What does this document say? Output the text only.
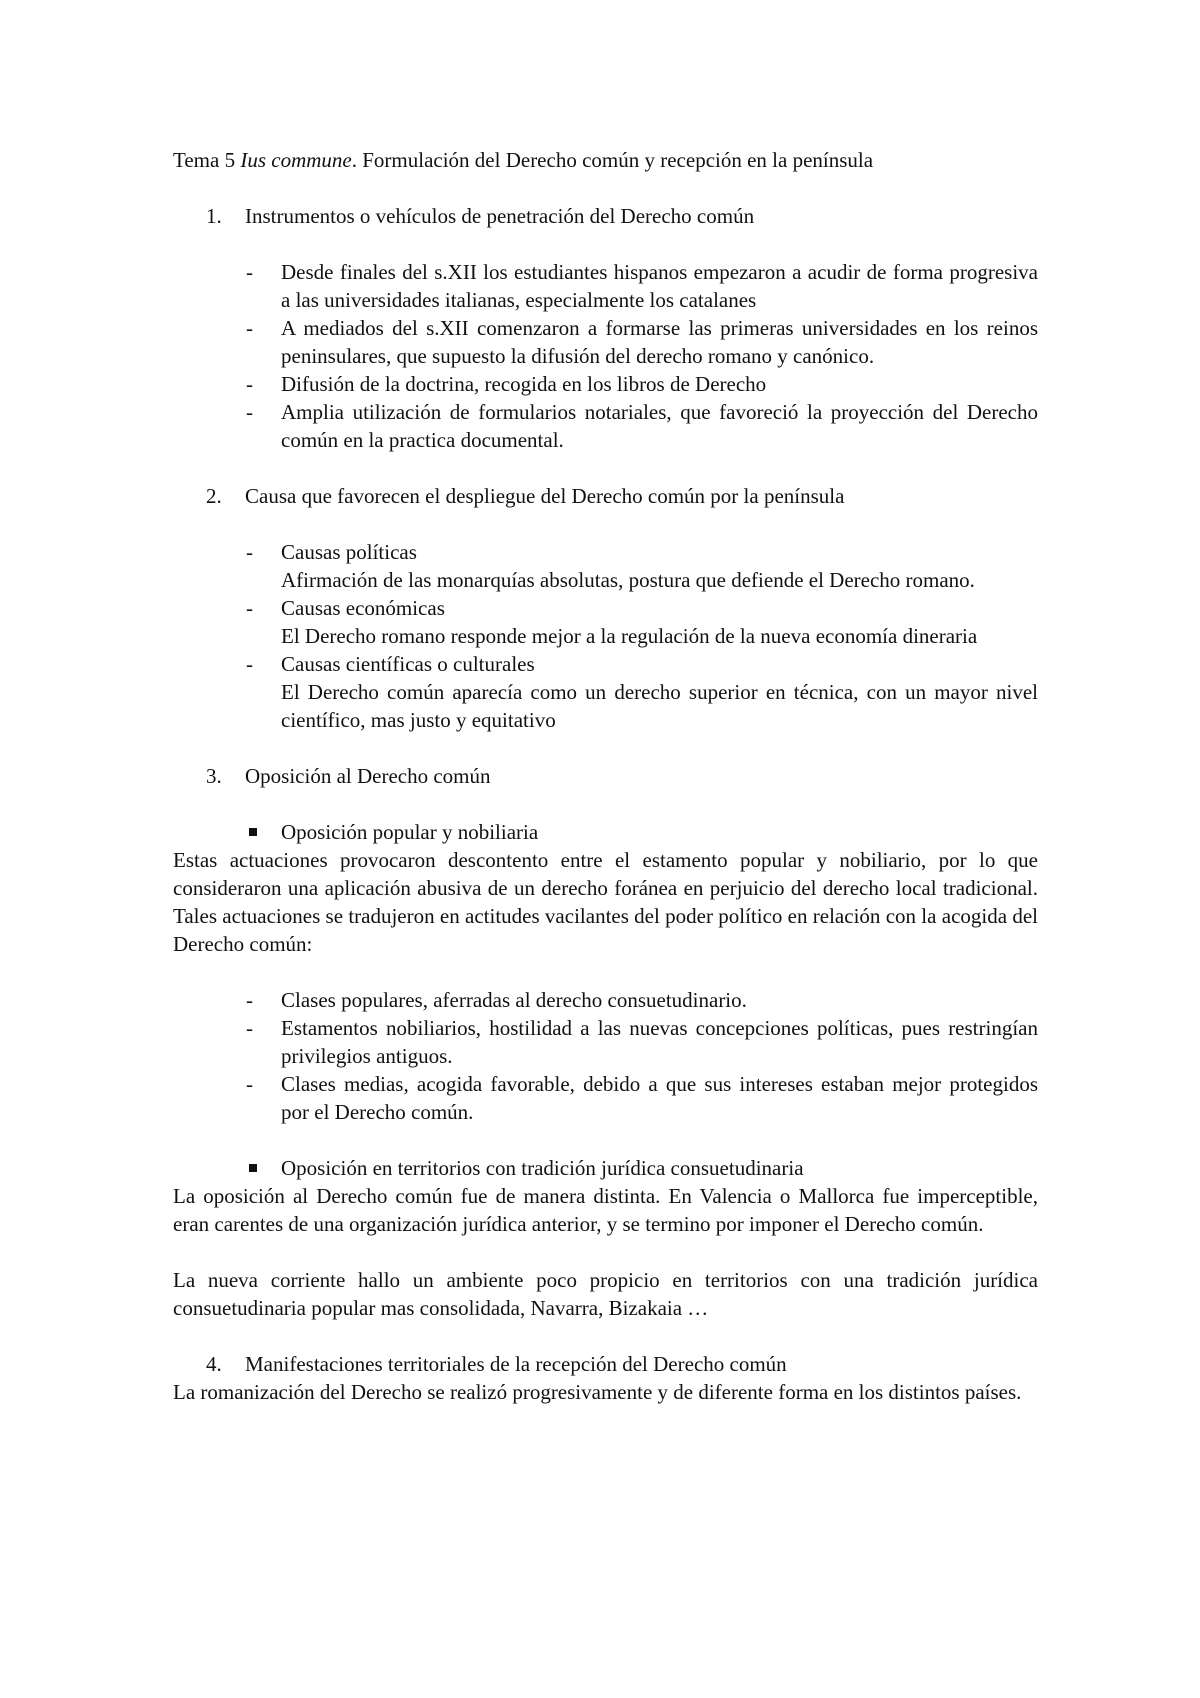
Tema 5 Ius commune. Formulación del Derecho común y recepción en la península

1. Instrumentos o vehículos de penetración del Derecho común
- Desde finales del s.XII los estudiantes hispanos empezaron a acudir de forma progresiva a las universidades italianas, especialmente los catalanes
- A mediados del s.XII comenzaron a formarse las primeras universidades en los reinos peninsulares, que supuesto la difusión del derecho romano y canónico.
- Difusión de la doctrina, recogida en los libros de Derecho
- Amplia utilización de formularios notariales, que favoreció la proyección del Derecho común en la practica documental.
2. Causa que favorecen el despliegue del Derecho común por la península
- Causas políticas
Afirmación de las monarquías absolutas, postura que defiende el Derecho romano.
- Causas económicas
El Derecho romano responde mejor a la regulación de la nueva economía dineraria
- Causas científicas o culturales
El Derecho común aparecía como un derecho superior en técnica, con un mayor nivel científico, mas justo y equitativo
3. Oposición al Derecho común
Oposición popular y nobiliaria

Estas actuaciones provocaron descontento entre el estamento popular y nobiliario, por lo que consideraron una aplicación abusiva de un derecho foránea en perjuicio del derecho local tradicional. Tales actuaciones se tradujeron en actitudes vacilantes del poder político en relación con la acogida del Derecho común:

- Clases populares, aferradas al derecho consuetudinario.
- Estamentos nobiliarios, hostilidad a las nuevas concepciones políticas, pues restringían privilegios antiguos.
- Clases medias, acogida favorable, debido a que sus intereses estaban mejor protegidos por el Derecho común.
Oposición en territorios con tradición jurídica consuetudinaria

La oposición al Derecho común fue de manera distinta. En Valencia o Mallorca fue imperceptible, eran carentes de una organización jurídica anterior, y se termino por imponer el Derecho común.

La nueva corriente hallo un ambiente poco propicio en territorios con una tradición jurídica consuetudinaria popular mas consolidada, Navarra, Bizakaia …

4. Manifestaciones territoriales de la recepción del Derecho común

La romanización del Derecho se realizó progresivamente y de diferente forma en los distintos países.
